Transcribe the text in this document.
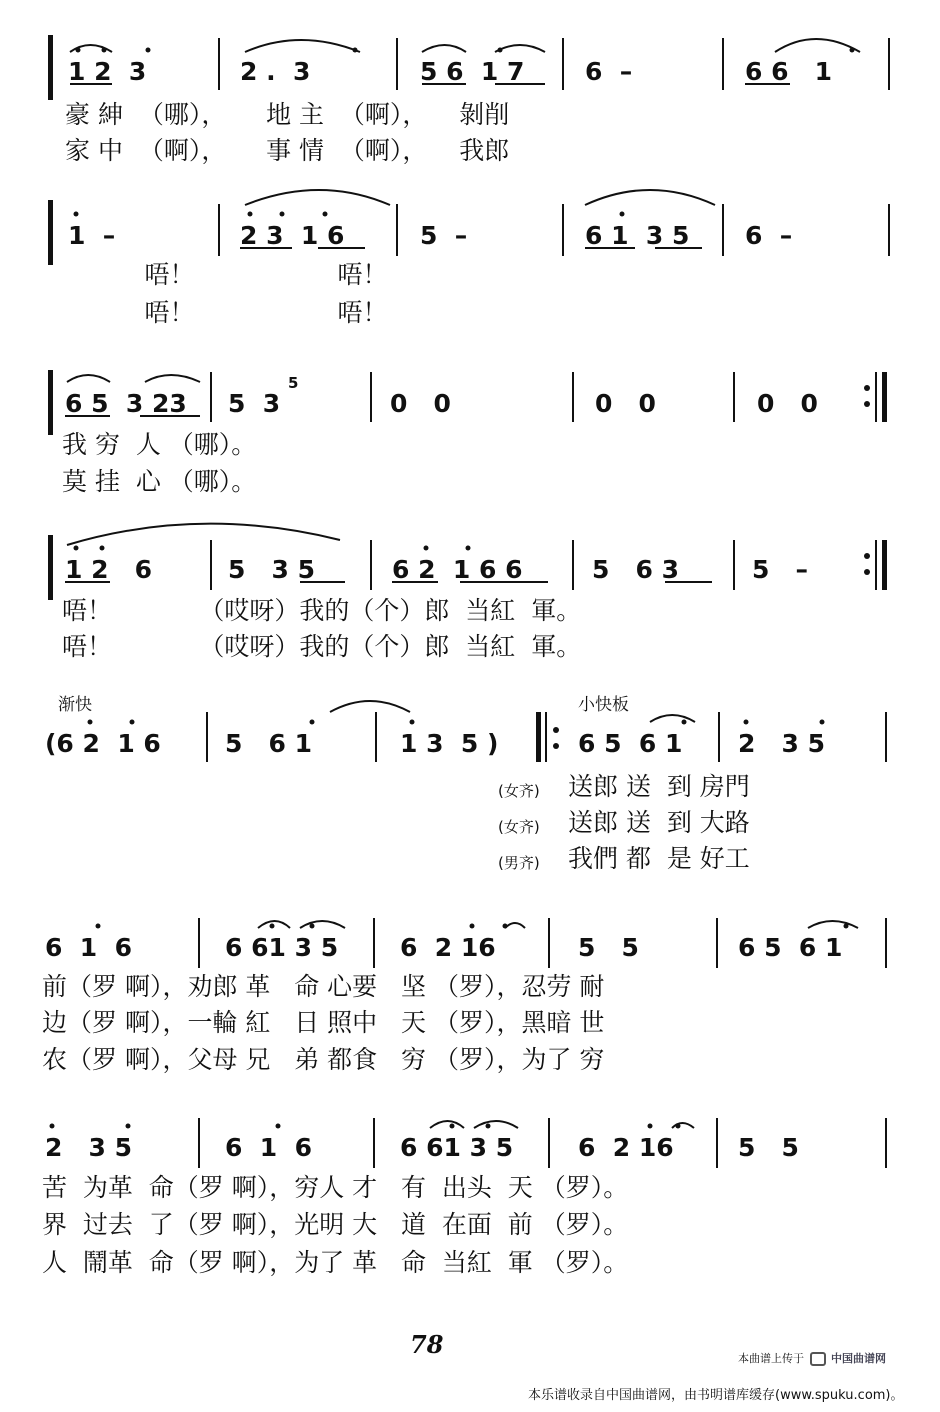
1 2  3	2 .  3	5 6  1 7 6  –	6 6   1
豪 紳  （哪），     地 主  （啊），    剝削
家 中  （啊），     事 情  （啊），    我郎
1  –	2 3  1 6	5  –	6 1  3 5 6  –
唔！                  唔！
唔！                  唔！
6 5  3 23 5  3
5
0   0	0   0	0   0
我 穷  人 （哪）。
莫 挂  心 （哪）。
1 2   6	5   3 5	6 2  1 6 6	5   6 3	5   –
唔！           （哎呀）我的（个）郎  当紅  軍。
唔！           （哎呀）我的（个）郎  当紅  軍。
渐快	小快板
(6 2  1 6	5   6 1	1 3  5 )	6 5  6 1 2   3 5
(女齐) 送郎 送  到 房門
(女齐) 送郎 送  到 大路
(男齐) 我們 都  是 好工
6  1  6	6 61 3 5 6  2 16	5   5	6 5  6 1
前（罗 啊），劝郎 革   命 心要   坚 （罗），忍劳 耐
边（罗 啊），一輪 紅   日 照中   天 （罗），黑暗 世
农（罗 啊），父母 兄   弟 都食   穷 （罗），为了 穷
2   3 5	6  1  6	6 61 3 5	6  2 16	5   5
苦  为革  命（罗 啊），穷人 才   有  出头  天 （罗）。
界  过去  了（罗 啊），光明 大   道  在面  前 （罗）。
人  鬧革  命（罗 啊），为了 革   命  当紅  軍 （罗）。
78	本曲谱上传于 中国曲谱网
本乐谱收录自中国曲谱网，由书明谱库缓存(www.spuku.com)。
